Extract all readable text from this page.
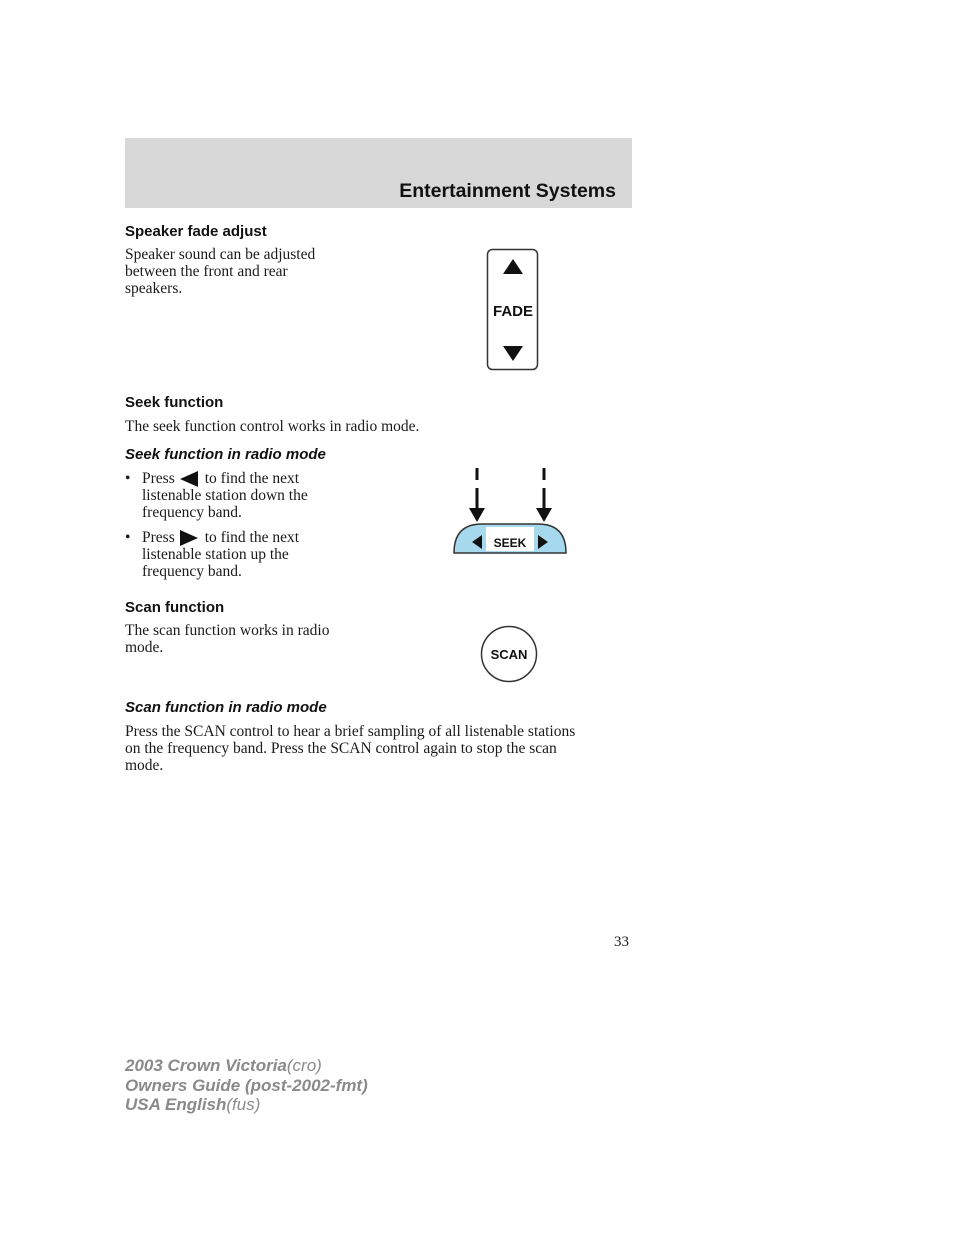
Entertainment Systems
Speaker fade adjust
Speaker sound can be adjusted
between the front and rear
speakers.
FADE
Seek function

The seek function control works in radio mode.

Seek function in radio mode
• Press to find the next
listenable station down the
frequency band.
• Press to find the next
listenable station up the
frequency band.
SEEK
Scan function
The scan function works in radio
mode.	SCAN
Scan function in radio mode
Press the SCAN control to hear a brief sampling of all listenable stations
on the frequency band. Press the SCAN control again to stop the scan
mode.

33

2003 Crown Victoria(cro)
Owners Guide (post-2002-fmt)
USA English(fus)
